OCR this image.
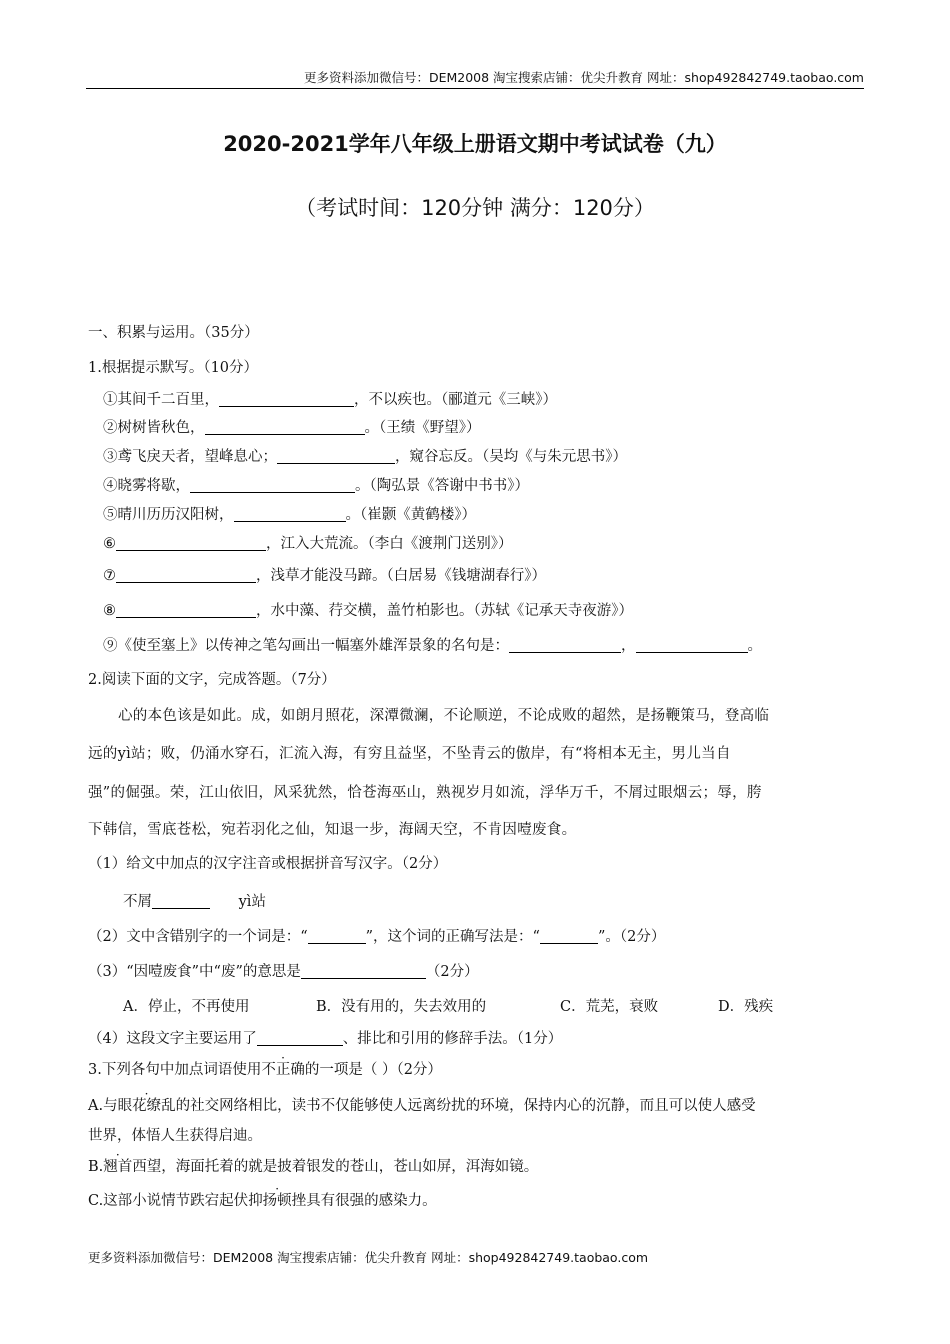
更多资料添加微信号：DEM2008 淘宝搜索店铺：优尖升教育 网址：shop492842749.taobao.com
2020-2021学年八年级上册语文期中考试试卷（九）
（考试时间：120分钟 满分：120分）
一、积累与运用。（35分）
1.根据提示默写。（10分）
①其间千二百里，	，不以疾也。（郦道元《三峡》）
②树树皆秋色，	。（王绩《野望》）
③鸢飞戾天者，望峰息心；	，窥谷忘反。（吴均《与朱元思书》）
④晓雾将歇，	。（陶弘景《答谢中书书》）
⑤晴川历历汉阳树，	。（崔颢《黄鹤楼》）
⑥	，江入大荒流。（李白《渡荆门送别》）
⑦	，浅草才能没马蹄。（白居易《钱塘湖春行》）
⑧	，水中藻、荇交横，盖竹柏影也。（苏轼《记承天寺夜游》）
⑨《使至塞上》以传神之笔勾画出一幅塞外雄浑景象的名句是：	，	。
2.阅读下面的文字，完成答题。（7分）
心的本色该是如此。成，如朗月照花，深潭微澜，不论顺逆，不论成败的超然，是扬鞭策马，登高临
远的yì站；败，仍涌水穿石，汇流入海，有穷且益坚，不坠青云的傲岸，有“将相本无主，男儿当自
强”的倔强。荣，江山依旧，风采犹然，恰苍海巫山，熟视岁月如流，浮华万千，不屑过眼烟云；辱，胯
下韩信，雪底苍松，宛若羽化之仙，知退一步，海阔天空，不肯因噎废食。
（1）给文中加点的汉字注音或根据拼音写汉字。（2分）
不屑	yì站
（2）文中含错别字的一个词是：“	”，这个词的正确写法是：“	”。（2分）
（3）“因噎废食”中“废”的意思是	（2分）
A．停止，不再使用	B．没有用的，失去效用的	C．荒芜，衰败	D．残疾
（4）这段文字主要运用了	、排比和引用的修辞手法。（1分）
3.下列各句中加点词语使用不正确的一项是（ ）（2分）
A.与眼花缭乱的社交网络相比，读书不仅能够使人远离纷扰的环境，保持内心的沉静，而且可以使人感受
世界，体悟人生获得启迪。
B.翘首西望，海面托着的就是披着银发的苍山，苍山如屏，洱海如镜。
C.这部小说情节跌宕起伏抑扬顿挫具有很强的感染力。
更多资料添加微信号：DEM2008 淘宝搜索店铺：优尖升教育 网址：shop492842749.taobao.com
